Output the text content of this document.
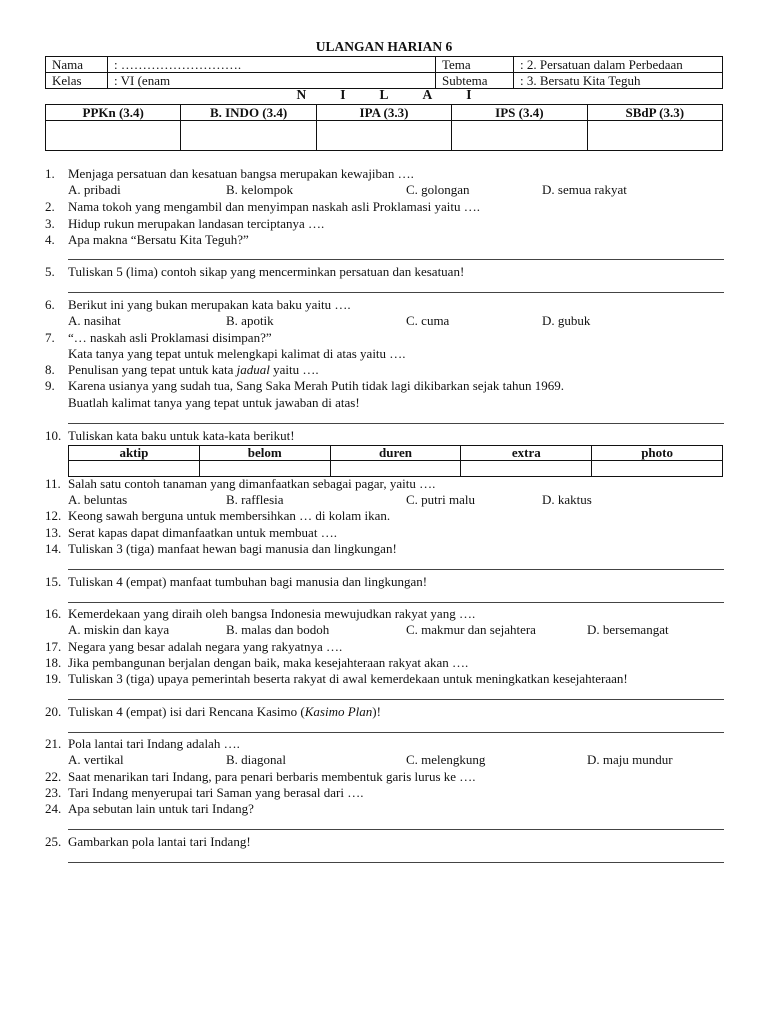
ULANGAN HARIAN 6
Nama	: ……………………….	Tema	: 2. Persatuan dalam Perbedaan
Kelas	: VI (enam	Subtema	: 3. Bersatu Kita Teguh
NILAI
PPKn (3.4)	B. INDO (3.4)	IPA (3.3)	IPS (3.4)	SBdP (3.3)

1. Menjaga persatuan dan kesatuan bangsa merupakan kewajiban ….
A. pribadi	B. kelompok	C. golongan	D. semua rakyat
2. Nama tokoh yang mengambil dan menyimpan naskah asli Proklamasi yaitu ….
3. Hidup rukun merupakan landasan terciptanya ….
4. Apa makna “Bersatu Kita Teguh?”
5. Tuliskan 5 (lima) contoh sikap yang mencerminkan persatuan dan kesatuan!
6. Berikut ini yang bukan merupakan kata baku yaitu ….
A. nasihat	B. apotik	C. cuma	D. gubuk
7. “… naskah asli Proklamasi disimpan?”
Kata tanya yang tepat untuk melengkapi kalimat di atas yaitu ….
8. Penulisan yang tepat untuk kata jadual yaitu ….
9. Karena usianya yang sudah tua, Sang Saka Merah Putih tidak lagi dikibarkan sejak tahun 1969.
Buatlah kalimat tanya yang tepat untuk jawaban di atas!
10. Tuliskan kata baku untuk kata-kata berikut!
aktip	belom	duren	extra	photo

11. Salah satu contoh tanaman yang dimanfaatkan sebagai pagar, yaitu ….
A. beluntas	B. rafflesia	C. putri malu	D. kaktus
12. Keong sawah berguna untuk membersihkan … di kolam ikan.
13. Serat kapas dapat dimanfaatkan untuk membuat ….
14. Tuliskan 3 (tiga) manfaat hewan bagi manusia dan lingkungan!
15. Tuliskan 4 (empat) manfaat tumbuhan bagi manusia dan lingkungan!
16. Kemerdekaan yang diraih oleh bangsa Indonesia mewujudkan rakyat yang ….
A. miskin dan kaya	B. malas dan bodoh	C. makmur dan sejahtera	D. bersemangat
17. Negara yang besar adalah negara yang rakyatnya ….
18. Jika pembangunan berjalan dengan baik, maka kesejahteraan rakyat akan ….
19. Tuliskan 3 (tiga) upaya pemerintah beserta rakyat di awal kemerdekaan untuk meningkatkan kesejahteraan!
20. Tuliskan 4 (empat) isi dari Rencana Kasimo (Kasimo Plan)!
21. Pola lantai tari Indang adalah ….
A. vertikal	B. diagonal	C. melengkung	D. maju mundur
22. Saat menarikan tari Indang, para penari berbaris membentuk garis lurus ke ….
23. Tari Indang menyerupai tari Saman yang berasal dari ….
24. Apa sebutan lain untuk tari Indang?
25. Gambarkan pola lantai tari Indang!
